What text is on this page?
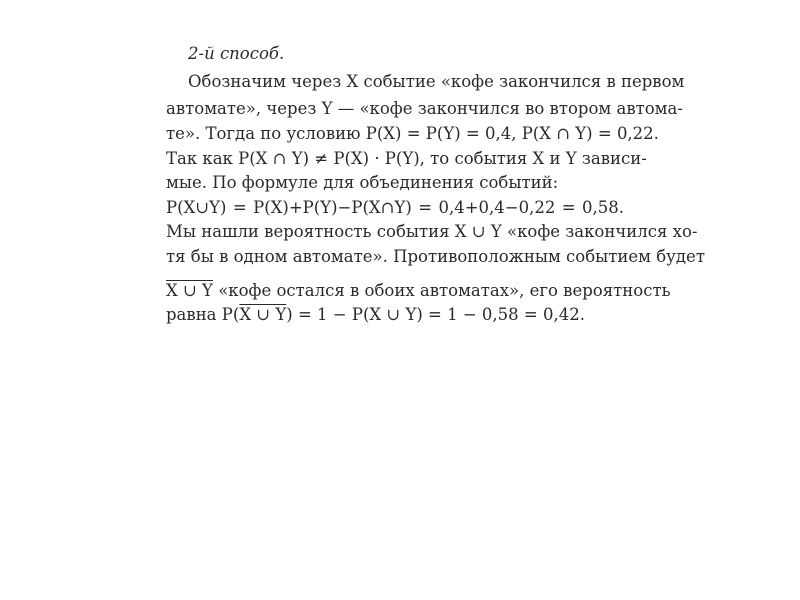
2-й способ.
Обозначим через X событие «кофе закончился в первом
автомате», через Y — «кофе закончился во втором автома-
те». Тогда по условию P(X) = P(Y) = 0,4, P(X ∩ Y) = 0,22.
Так как P(X ∩ Y) ≠ P(X) · P(Y), то события X и Y зависи-
мые. По формуле для объединения событий:
P(X∪Y) = P(X)+P(Y)−P(X∩Y) = 0,4+0,4−0,22 = 0,58.
Мы нашли вероятность события X ∪ Y «кофе закончился хо-
тя бы в одном автомате». Противоположным событием будет
X ∪ Y «кофе остался в обоих автоматах», его вероятность
равна P(X ∪ Y) = 1 − P(X ∪ Y) = 1 − 0,58 = 0,42.
